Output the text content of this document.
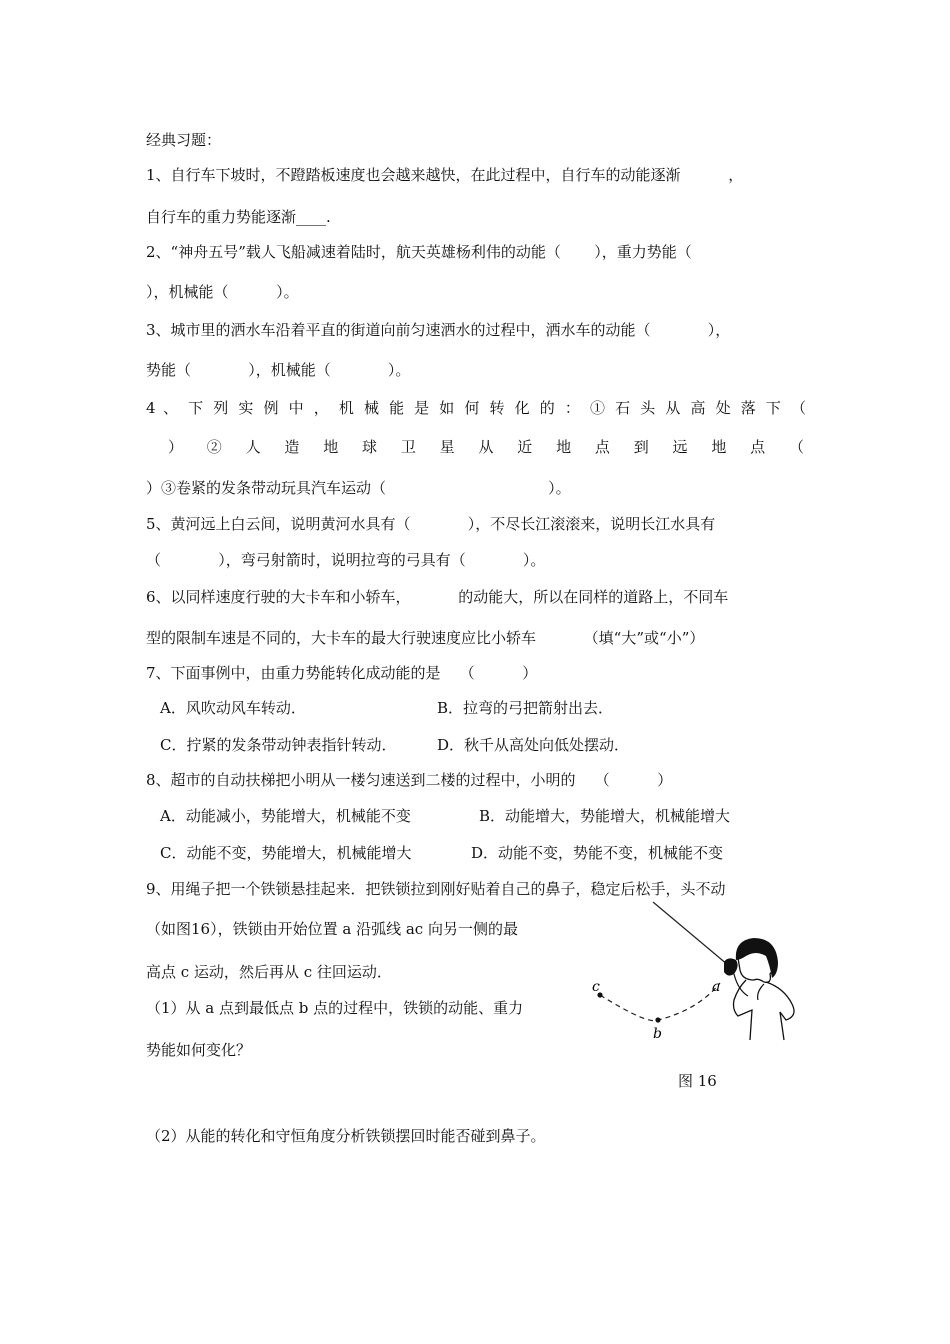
经典习题：
1、自行车下坡时，不蹬踏板速度也会越来越快，在此过程中，自行车的动能逐渐          ，
自行车的重力势能逐渐____.
2、“神舟五号”载人飞船减速着陆时，航天英雄杨利伟的动能（       ），重力势能（
），机械能（          ）。
3、城市里的洒水车沿着平直的街道向前匀速洒水的过程中，洒水车的动能（            ），
势能（            ），机械能（            ）。
4 、 下 列 实 例 中 ， 机 械 能 是 如 何 转 化 的 ： ① 石 头 从 高 处 落 下 （
） ② 人 造 地 球 卫 星 从 近 地 点 到 远 地 点 （
）③卷紧的发条带动玩具汽车运动（                                  ）。
5、黄河远上白云间，说明黄河水具有（            ），不尽长江滚滚来，说明长江水具有
（            ），弯弓射箭时，说明拉弯的弓具有（            ）。
6、以同样速度行驶的大卡车和小轿车，          的动能大，所以在同样的道路上，不同车
型的限制车速是不同的，大卡车的最大行驶速度应比小轿车          （填“大”或“小”）
7、下面事例中，由重力势能转化成动能的是    （          ）
A．风吹动风车转动．	B．拉弯的弓把箭射出去．
C．拧紧的发条带动钟表指针转动．	D．秋千从高处向低处摆动．
8、超市的自动扶梯把小明从一楼匀速送到二楼的过程中，小明的    （          ）
A．动能减小，势能增大，机械能不变	B．动能增大，势能增大，机械能增大
C．动能不变，势能增大，机械能增大	D．动能不变，势能不变，机械能不变
9、用绳子把一个铁锁悬挂起来．把铁锁拉到刚好贴着自己的鼻子，稳定后松手，头不动
（如图16），铁锁由开始位置 a 沿弧线 ac 向另一侧的最
高点 c 运动，然后再从 c 往回运动．
（1）从 a 点到最低点 b 点的过程中，铁锁的动能、重力
势能如何变化？
（2）从能的转化和守恒角度分析铁锁摆回时能否碰到鼻子。
c
b
a
图 16
